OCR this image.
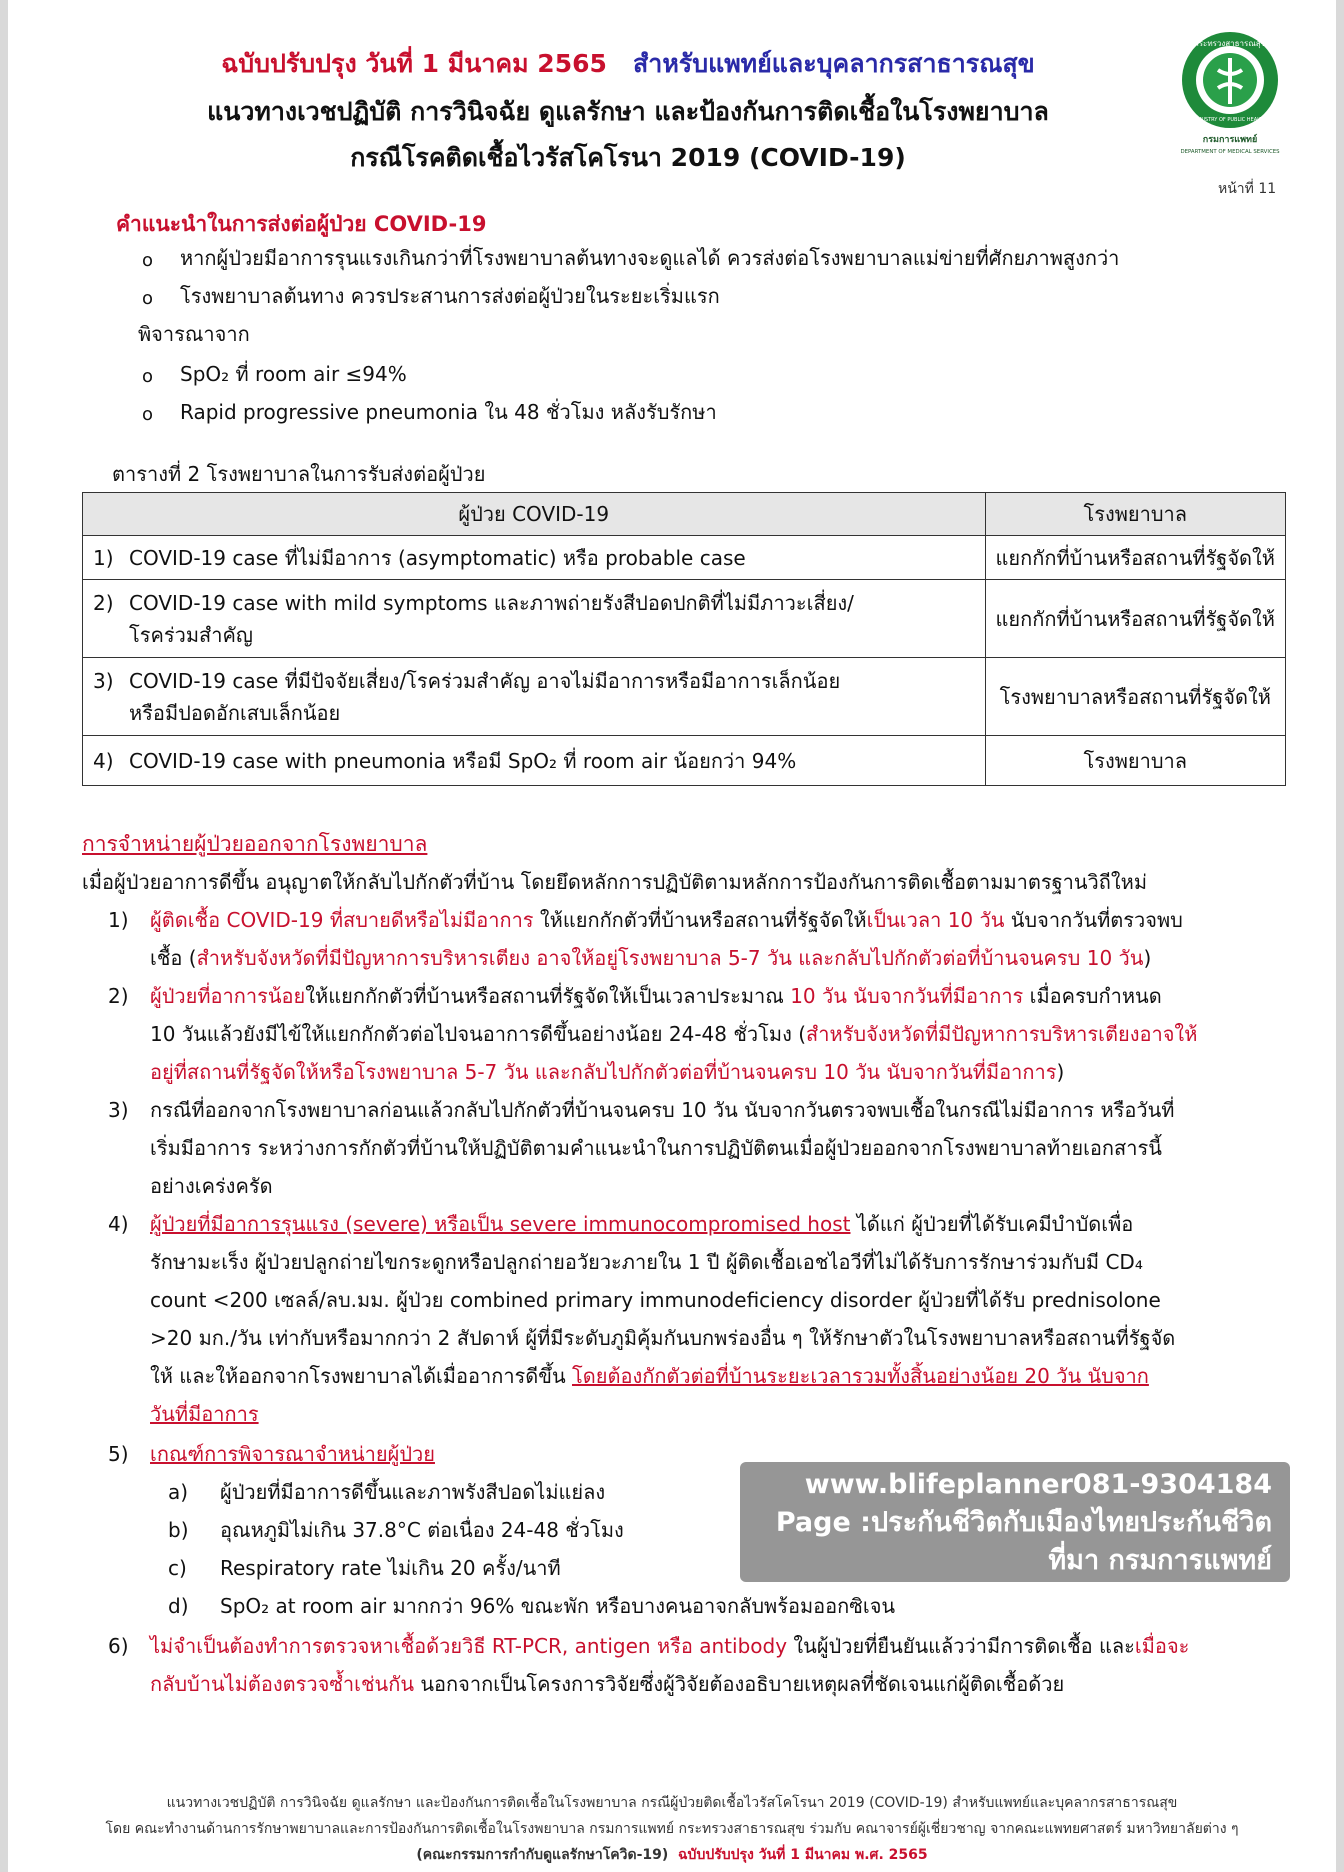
ฉบับปรับปรุง วันที่ 1 มีนาคม 2565 สำหรับแพทย์และบุคลากรสาธารณสุข
แนวทางเวชปฏิบัติ การวินิจฉัย ดูแลรักษา และป้องกันการติดเชื้อในโรงพยาบาล
กรณีโรคติดเชื้อไวรัสโคโรนา 2019 (COVID-19)
กระทรวงสาธารณสุข
MINISTRY OF PUBLIC HEALTH
กรมการแพทย์
DEPARTMENT OF MEDICAL SERVICES
หน้าที่ 11
คำแนะนำในการส่งต่อผู้ป่วย COVID-19
o หากผู้ป่วยมีอาการรุนแรงเกินกว่าที่โรงพยาบาลต้นทางจะดูแลได้ ควรส่งต่อโรงพยาบาลแม่ข่ายที่ศักยภาพสูงกว่า
o โรงพยาบาลต้นทาง ควรประสานการส่งต่อผู้ป่วยในระยะเริ่มแรก
พิจารณาจาก
o SpO₂ ที่ room air ≤94%
o Rapid progressive pneumonia ใน 48 ชั่วโมง หลังรับรักษา
ตารางที่ 2 โรงพยาบาลในการรับส่งต่อผู้ป่วย
ผู้ป่วย COVID-19	โรงพยาบาล
1) COVID-19 case ที่ไม่มีอาการ (asymptomatic) หรือ probable case	แยกกักที่บ้านหรือสถานที่รัฐจัดให้
2) COVID-19 case with mild symptoms และภาพถ่ายรังสีปอดปกติที่ไม่มีภาวะเสี่ยง/
โรคร่วมสำคัญ	แยกกักที่บ้านหรือสถานที่รัฐจัดให้
3) COVID-19 case ที่มีปัจจัยเสี่ยง/โรคร่วมสำคัญ อาจไม่มีอาการหรือมีอาการเล็กน้อย
หรือมีปอดอักเสบเล็กน้อย	โรงพยาบาลหรือสถานที่รัฐจัดให้
4) COVID-19 case with pneumonia หรือมี SpO₂ ที่ room air น้อยกว่า 94%	โรงพยาบาล
การจำหน่ายผู้ป่วยออกจากโรงพยาบาล
เมื่อผู้ป่วยอาการดีขึ้น อนุญาตให้กลับไปกักตัวที่บ้าน โดยยึดหลักการปฏิบัติตามหลักการป้องกันการติดเชื้อตามมาตรฐานวิถีใหม่
1) ผู้ติดเชื้อ COVID-19 ที่สบายดีหรือไม่มีอาการ ให้แยกกักตัวที่บ้านหรือสถานที่รัฐจัดให้เป็นเวลา 10 วัน นับจากวันที่ตรวจพบ
เชื้อ (สำหรับจังหวัดที่มีปัญหาการบริหารเตียง อาจให้อยู่โรงพยาบาล 5-7 วัน และกลับไปกักตัวต่อที่บ้านจนครบ 10 วัน)
2) ผู้ป่วยที่อาการน้อยให้แยกกักตัวที่บ้านหรือสถานที่รัฐจัดให้เป็นเวลาประมาณ 10 วัน นับจากวันที่มีอาการ เมื่อครบกำหนด
10 วันแล้วยังมีไข้ให้แยกกักตัวต่อไปจนอาการดีขึ้นอย่างน้อย 24-48 ชั่วโมง (สำหรับจังหวัดที่มีปัญหาการบริหารเตียงอาจให้
อยู่ที่สถานที่รัฐจัดให้หรือโรงพยาบาล 5-7 วัน และกลับไปกักตัวต่อที่บ้านจนครบ 10 วัน นับจากวันที่มีอาการ)
3) กรณีที่ออกจากโรงพยาบาลก่อนแล้วกลับไปกักตัวที่บ้านจนครบ 10 วัน นับจากวันตรวจพบเชื้อในกรณีไม่มีอาการ หรือวันที่
เริ่มมีอาการ ระหว่างการกักตัวที่บ้านให้ปฏิบัติตามคำแนะนำในการปฏิบัติตนเมื่อผู้ป่วยออกจากโรงพยาบาลท้ายเอกสารนี้
อย่างเคร่งครัด
4) ผู้ป่วยที่มีอาการรุนแรง (severe) หรือเป็น severe immunocompromised host ได้แก่ ผู้ป่วยที่ได้รับเคมีบำบัดเพื่อ
รักษามะเร็ง ผู้ป่วยปลูกถ่ายไขกระดูกหรือปลูกถ่ายอวัยวะภายใน 1 ปี ผู้ติดเชื้อเอชไอวีที่ไม่ได้รับการรักษาร่วมกับมี CD₄
count <200 เซลล์/ลบ.มม. ผู้ป่วย combined primary immunodeficiency disorder ผู้ป่วยที่ได้รับ prednisolone
>20 มก./วัน เท่ากับหรือมากกว่า 2 สัปดาห์ ผู้ที่มีระดับภูมิคุ้มกันบกพร่องอื่น ๆ ให้รักษาตัวในโรงพยาบาลหรือสถานที่รัฐจัด
ให้ และให้ออกจากโรงพยาบาลได้เมื่ออาการดีขึ้น โดยต้องกักตัวต่อที่บ้านระยะเวลารวมทั้งสิ้นอย่างน้อย 20 วัน นับจาก
วันที่มีอาการ
5) เกณฑ์การพิจารณาจำหน่ายผู้ป่วย
a) ผู้ป่วยที่มีอาการดีขึ้นและภาพรังสีปอดไม่แย่ลง
b) อุณหภูมิไม่เกิน 37.8°C ต่อเนื่อง 24-48 ชั่วโมง
c) Respiratory rate ไม่เกิน 20 ครั้ง/นาที
d) SpO₂ at room air มากกว่า 96% ขณะพัก หรือบางคนอาจกลับพร้อมออกซิเจน
6) ไม่จำเป็นต้องทำการตรวจหาเชื้อด้วยวิธี RT-PCR, antigen หรือ antibody ในผู้ป่วยที่ยืนยันแล้วว่ามีการติดเชื้อ และเมื่อจะ
กลับบ้านไม่ต้องตรวจซ้ำเช่นกัน นอกจากเป็นโครงการวิจัยซึ่งผู้วิจัยต้องอธิบายเหตุผลที่ชัดเจนแก่ผู้ติดเชื้อด้วย
www.blifeplanner081-9304184
Page :ประกันชีวิตกับเมืองไทยประกันชีวิต
ที่มา กรมการแพทย์
แนวทางเวชปฏิบัติ การวินิจฉัย ดูแลรักษา และป้องกันการติดเชื้อในโรงพยาบาล กรณีผู้ป่วยติดเชื้อไวรัสโคโรนา 2019 (COVID-19) สำหรับแพทย์และบุคลากรสาธารณสุข
โดย คณะทำงานด้านการรักษาพยาบาลและการป้องกันการติดเชื้อในโรงพยาบาล กรมการแพทย์ กระทรวงสาธารณสุข ร่วมกับ คณาจารย์ผู้เชี่ยวชาญ จากคณะแพทยศาสตร์ มหาวิทยาลัยต่าง ๆ
(คณะกรรมการกำกับดูแลรักษาโควิด-19) ฉบับปรับปรุง วันที่ 1 มีนาคม พ.ศ. 2565
